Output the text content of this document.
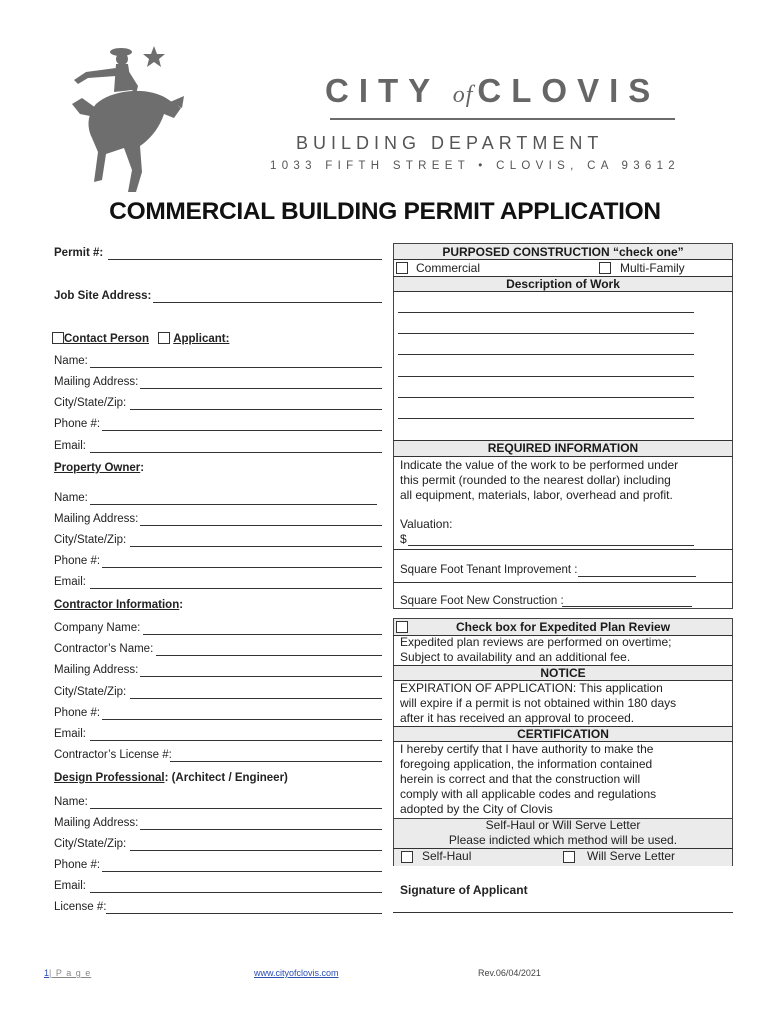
CITY of CLOVIS
BUILDING DEPARTMENT
1033 FIFTH STREET • CLOVIS, CA 93612
COMMERCIAL BUILDING PERMIT APPLICATION
Permit #:
Job Site Address:
Contact Person	Applicant:
Name:
Mailing Address:
City/State/Zip:
Phone #:
Email:
Property Owner:
Name:
Mailing Address:
City/State/Zip:
Phone #:
Email:
Contractor Information:
Company Name:
Contractor’s Name:
Mailing Address:
City/State/Zip:
Phone #:
Email:
Contractor’s License #:
Design Professional: (Architect / Engineer)
Name:
Mailing Address:
City/State/Zip:
Phone #:
Email:
License #:
PURPOSED CONSTRUCTION “check one”
Commercial	Multi-Family
Description of Work
REQUIRED INFORMATION
Indicate the value of the work to be performed under
this permit (rounded to the nearest dollar) including
all equipment, materials, labor, overhead and profit.
Valuation:
$
Square Foot Tenant Improvement :
Square Foot New Construction :
Check box for Expedited Plan Review
Expedited plan reviews are performed on overtime;
Subject to availability and an additional fee.
NOTICE
EXPIRATION OF APPLICATION: This application
will expire if a permit is not obtained within 180 days
after it has received an approval to proceed.
CERTIFICATION
I hereby certify that I have authority to make the
foregoing application, the information contained
herein is correct and that the construction will
comply with all applicable codes and regulations
adopted by the City of Clovis
Self-Haul or Will Serve Letter
Please indicted which method will be used.
Self-Haul	Will Serve Letter
Signature of Applicant
1| P a g e	www.cityofclovis.com	Rev.06/04/2021
